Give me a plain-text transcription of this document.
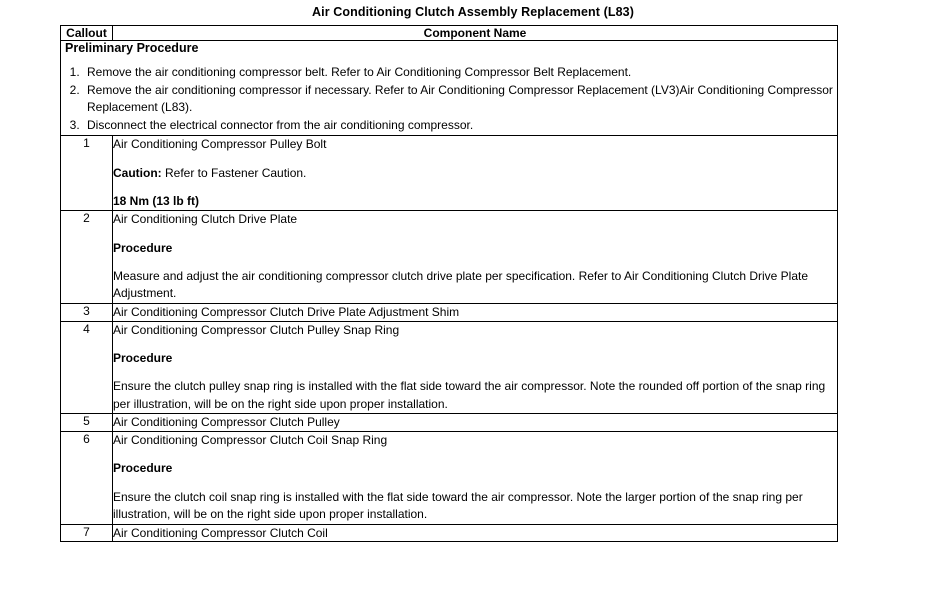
Air Conditioning Clutch Assembly Replacement (L83)
Callout	Component Name

Preliminary Procedure
1. Remove the air conditioning compressor belt. Refer to Air Conditioning Compressor Belt Replacement.
2. Remove the air conditioning compressor if necessary. Refer to Air Conditioning Compressor Replacement (LV3)Air Conditioning Compressor Replacement (L83).
3. Disconnect the electrical connector from the air conditioning compressor.

1	Air Conditioning Compressor Pulley Bolt

Caution: Refer to Fastener Caution.

18 Nm (13 lb ft)

2	Air Conditioning Clutch Drive Plate

Procedure

Measure and adjust the air conditioning compressor clutch drive plate per specification. Refer to Air Conditioning Clutch Drive Plate Adjustment.

3	Air Conditioning Compressor Clutch Drive Plate Adjustment Shim
4	Air Conditioning Compressor Clutch Pulley Snap Ring

Procedure

Ensure the clutch pulley snap ring is installed with the flat side toward the air compressor. Note the rounded off portion of the snap ring per illustration, will be on the right side upon proper installation.

5	Air Conditioning Compressor Clutch Pulley
6	Air Conditioning Compressor Clutch Coil Snap Ring

Procedure

Ensure the clutch coil snap ring is installed with the flat side toward the air compressor. Note the larger portion of the snap ring per illustration, will be on the right side upon proper installation.

7	Air Conditioning Compressor Clutch Coil
